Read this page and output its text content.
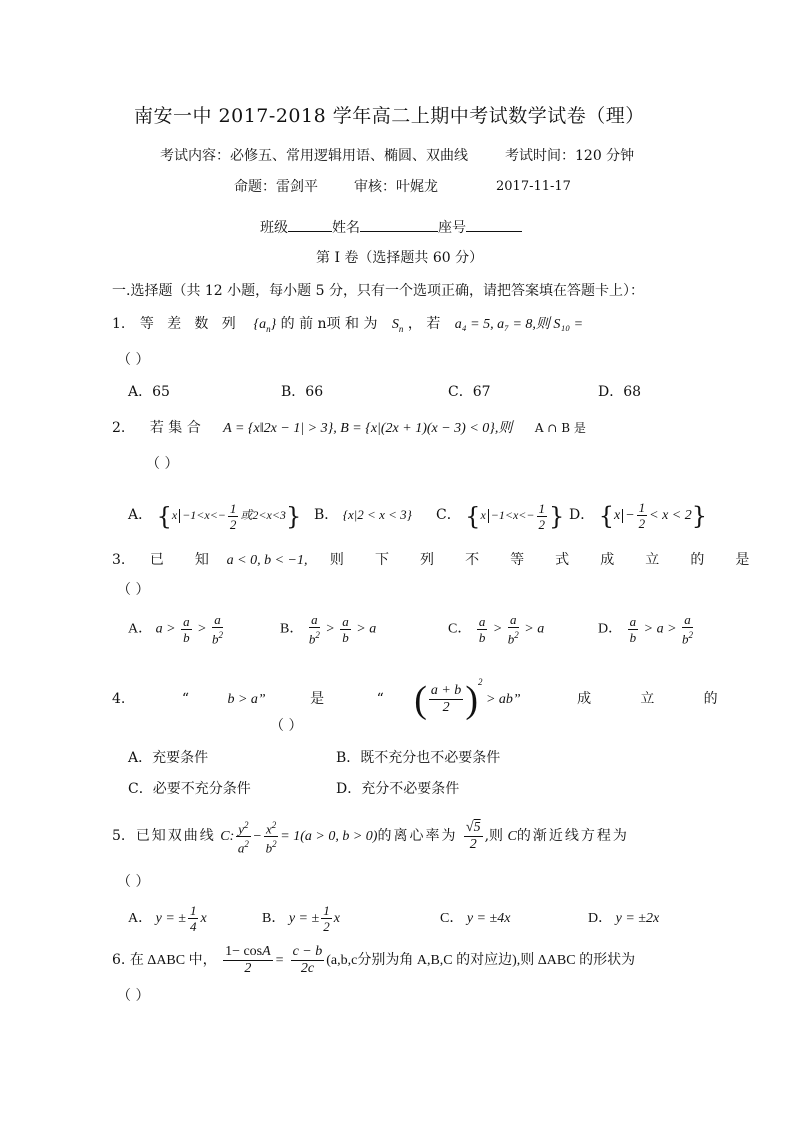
南安一中 2017-2018 学年高二上期中考试数学试卷（理）
考试内容：必修五、常用逻辑用语、椭圆、双曲线	考试时间：120 分钟
命题：雷剑平	审核：叶娓龙	2017-11-17
班级	姓名	座号
第 I 卷（选择题共 60 分）
一.选择题（共 12 小题，每小题 5 分，只有一个选项正确，请把答案填在答题卡上）：
1. 等差数列 $\{a_n\}$ 的 前 n项 和 为 $S_n$ ， 若 a₄ = 5, a₇ = 8,则 S₁₀ =
（ ）
A．65	B．66	C．67	D．68
2. 若 集 合 A = {x‖2x − 1| > 3}, B = {x|(2x + 1)(x − 3) < 0},则 A ∩ B 是
（ ）
A． {$x -1<x<- \frac{1}{2}$ 或2<x<3} B． {x|2 < x < 3} C． {$x -1<x<- \frac{1}{2}$ } D． $\{x - \frac{1}{2} < x < 2\}$
3. 已 知 a < 0, b < −1, 则 下 列 不 等 式 成 立 的 是
（ ）
A． $a > \frac{a}{b} > \frac{a}{b^2}$	B． $\frac{a}{b^2} > \frac{a}{b} > a$	C． $\frac{a}{b} > \frac{a}{b^2} > a$	D． $\frac{a}{b} > a > \frac{a}{b^2}$
4.	“	b > a”	是	“ ( $\frac{a + b}{2} )^2$ > ab”	成 立 的
（ ）
A．充要条件	B．既不充分也不必要条件
C．必要不充分条件	D．充分不必要条件
5. 已知双曲线 C: $\frac{y^2}{a^2} - \frac{x^2}{b^2} = 1(a > 0$, b > 0)的离心率为 $\frac{√5}{2}$ ,则 C的渐近线方程为
（ ）
A． y = ± $\frac{1}{4}$ x	B． y = ± $\frac{1}{2}$ x	C． y = ±4x	D． y = ±2x
6. 在 ΔABC 中， $\frac{1- \cos A}{2} = \frac{c - b}{2c} (a,b,c$分别为角 A,B,C 的对应边),则 ΔABC 的形状为
（ ）
